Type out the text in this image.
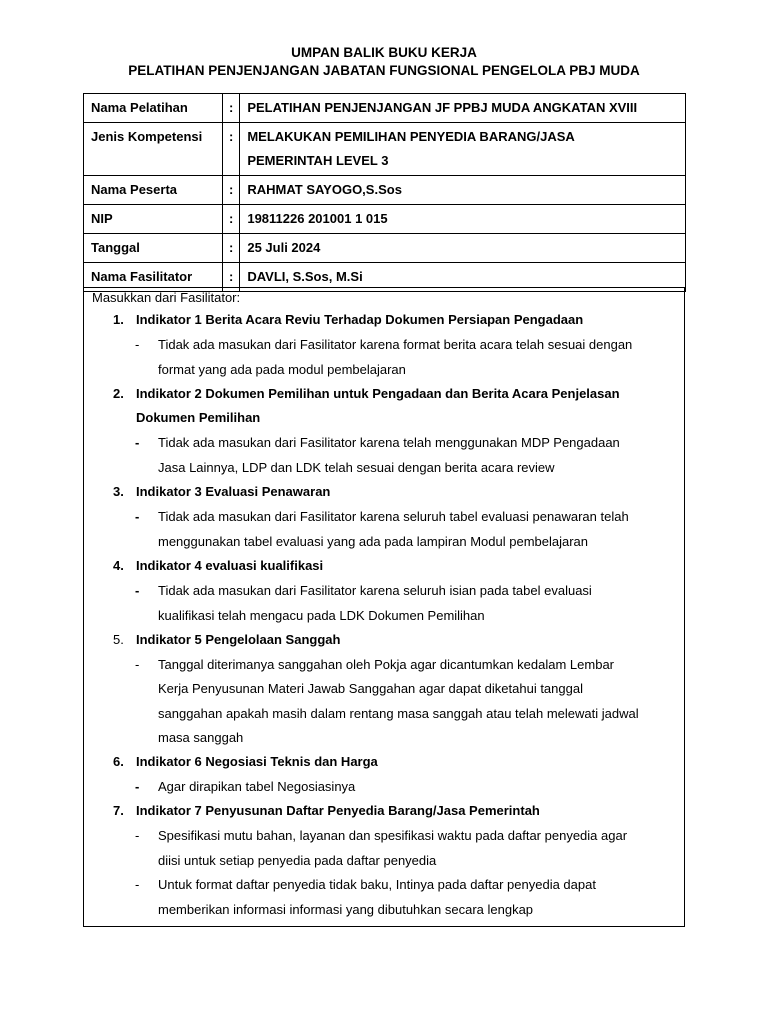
UMPAN BALIK BUKU KERJA
PELATIHAN PENJENJANGAN JABATAN FUNGSIONAL PENGELOLA PBJ MUDA
Nama Pelatihan	:	PELATIHAN PENJENJANGAN JF PPBJ MUDA ANGKATAN XVIII
Jenis Kompetensi	:	MELAKUKAN PEMILIHAN PENYEDIA BARANG/JASA
PEMERINTAH LEVEL 3

Nama Peserta	:	RAHMAT SAYOGO,S.Sos
NIP	:	19811226 201001 1 015
Tanggal	:	25 Juli 2024
Nama Fasilitator	:	DAVLI, S.Sos, M.Si
Masukkan dari Fasilitator:
1. Indikator 1 Berita Acara Reviu Terhadap Dokumen Persiapan Pengadaan
- Tidak ada masukan dari Fasilitator karena format berita acara telah sesuai dengan
format yang ada pada modul pembelajaran
2. Indikator 2 Dokumen Pemilihan untuk Pengadaan dan Berita Acara Penjelasan
Dokumen Pemilihan
- Tidak ada masukan dari Fasilitator karena telah menggunakan MDP Pengadaan
Jasa Lainnya, LDP dan LDK telah sesuai dengan berita acara review
3. Indikator 3 Evaluasi Penawaran
- Tidak ada masukan dari Fasilitator karena seluruh tabel evaluasi penawaran telah
menggunakan tabel evaluasi yang ada pada lampiran Modul pembelajaran
4. Indikator 4 evaluasi kualifikasi
- Tidak ada masukan dari Fasilitator karena seluruh isian pada tabel evaluasi
kualifikasi telah mengacu pada LDK Dokumen Pemilihan
5. Indikator 5 Pengelolaan Sanggah
- Tanggal diterimanya sanggahan oleh Pokja agar dicantumkan kedalam Lembar
Kerja Penyusunan Materi Jawab Sanggahan agar dapat diketahui tanggal
sanggahan apakah masih dalam rentang masa sanggah atau telah melewati jadwal
masa sanggah
6. Indikator 6 Negosiasi Teknis dan Harga
- Agar dirapikan tabel Negosiasinya
7. Indikator 7 Penyusunan Daftar Penyedia Barang/Jasa Pemerintah
- Spesifikasi mutu bahan, layanan dan spesifikasi waktu pada daftar penyedia agar
diisi untuk setiap penyedia pada daftar penyedia
- Untuk format daftar penyedia tidak baku, Intinya pada daftar penyedia dapat
memberikan informasi informasi yang dibutuhkan secara lengkap
